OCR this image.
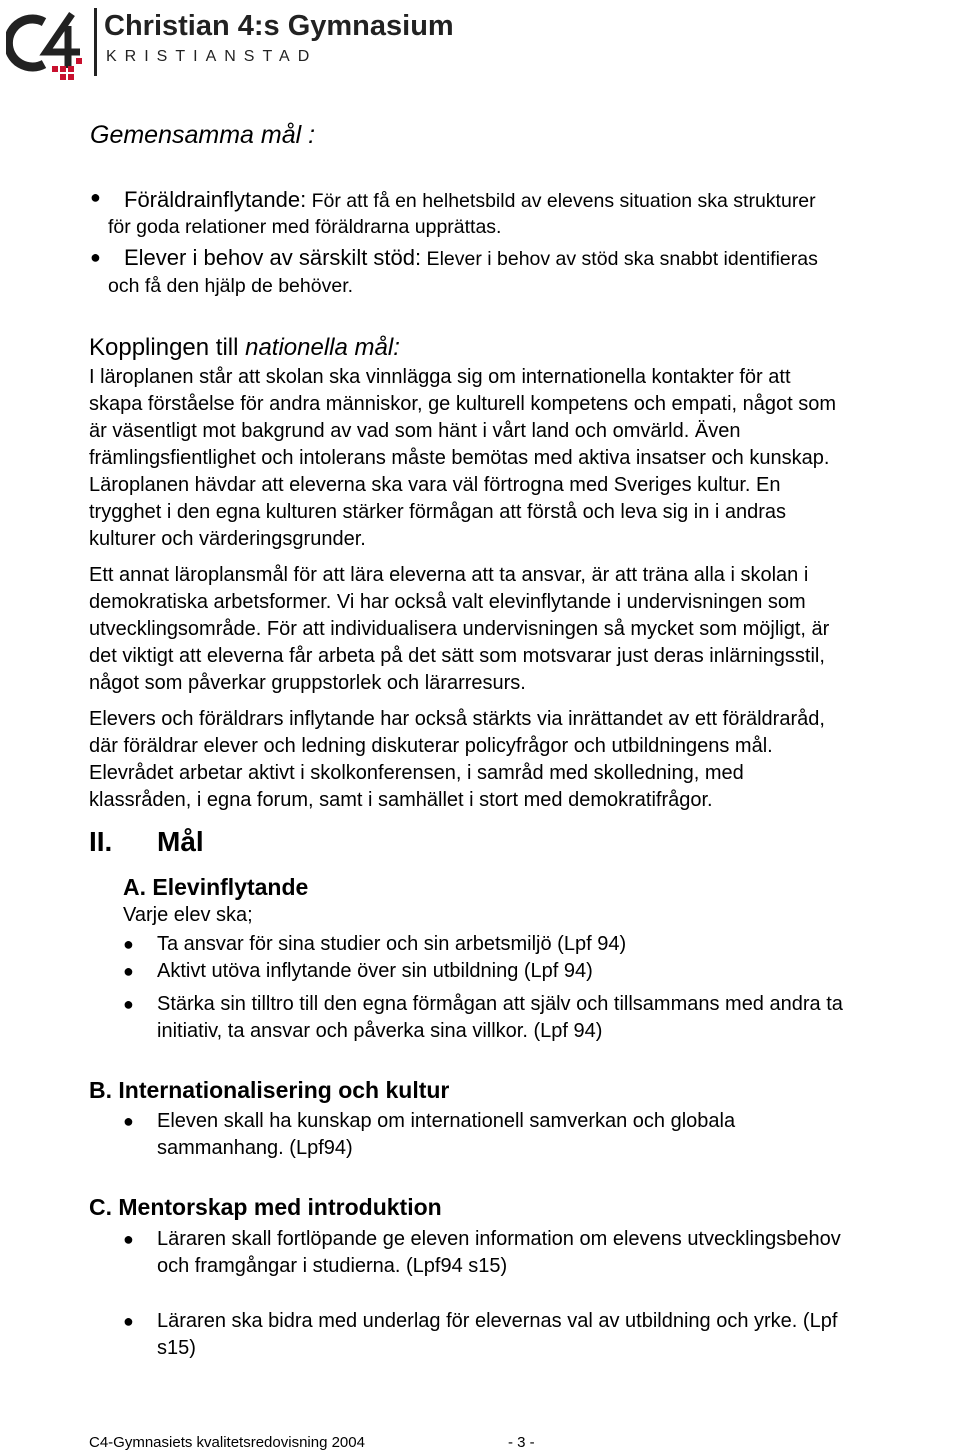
Christian 4:s Gymnasium
KRISTIANSTAD
Gemensamma mål :
● Föräldrainflytande: För att få en helhetsbild av elevens situation ska strukturer
för goda relationer med föräldrarna upprättas.
● Elever i behov av särskilt stöd: Elever i behov av stöd ska snabbt identifieras
och få den hjälp de behöver.
Kopplingen till nationella mål:
I läroplanen står att skolan ska vinnlägga sig om internationella kontakter för att
skapa förståelse för andra människor, ge kulturell kompetens och empati, något som
är väsentligt mot bakgrund av vad som hänt i vårt land och omvärld. Även
främlingsfientlighet och intolerans måste bemötas med aktiva insatser och kunskap.
Läroplanen hävdar att eleverna ska vara väl förtrogna med Sveriges kultur. En
trygghet i den egna kulturen stärker förmågan att förstå och leva sig in i andras
kulturer och värderingsgrunder.
Ett annat läroplansmål för att lära eleverna att ta ansvar, är att träna alla i skolan i
demokratiska arbetsformer. Vi har också valt elevinflytande i undervisningen som
utvecklingsområde. För att individualisera undervisningen så mycket som möjligt, är
det viktigt att eleverna får arbeta på det sätt som motsvarar just deras inlärningsstil,
något som påverkar gruppstorlek och lärarresurs.
Elevers och föräldrars inflytande har också stärkts via inrättandet av ett föräldraråd,
där föräldrar elever och ledning diskuterar policyfrågor och utbildningens mål.
Elevrådet arbetar aktivt i skolkonferensen, i samråd med skolledning, med
klassråden, i egna forum, samt i samhället i stort med demokratifrågor.
II. Mål
A. Elevinflytande
Varje elev ska;
● Ta ansvar för sina studier och sin arbetsmiljö (Lpf 94)
● Aktivt utöva inflytande över sin utbildning (Lpf 94)
● Stärka sin tilltro till den egna förmågan att själv och tillsammans med andra ta
initiativ, ta ansvar och påverka sina villkor. (Lpf 94)
B. Internationalisering och kultur
● Eleven skall ha kunskap om internationell samverkan och globala
sammanhang. (Lpf94)
C. Mentorskap med introduktion
● Läraren skall fortlöpande ge eleven information om elevens utvecklingsbehov
och framgångar i studierna. (Lpf94 s15)
● Läraren ska bidra med underlag för elevernas val av utbildning och yrke. (Lpf
s15)
C4-Gymnasiets kvalitetsredovisning 2004	- 3 -
